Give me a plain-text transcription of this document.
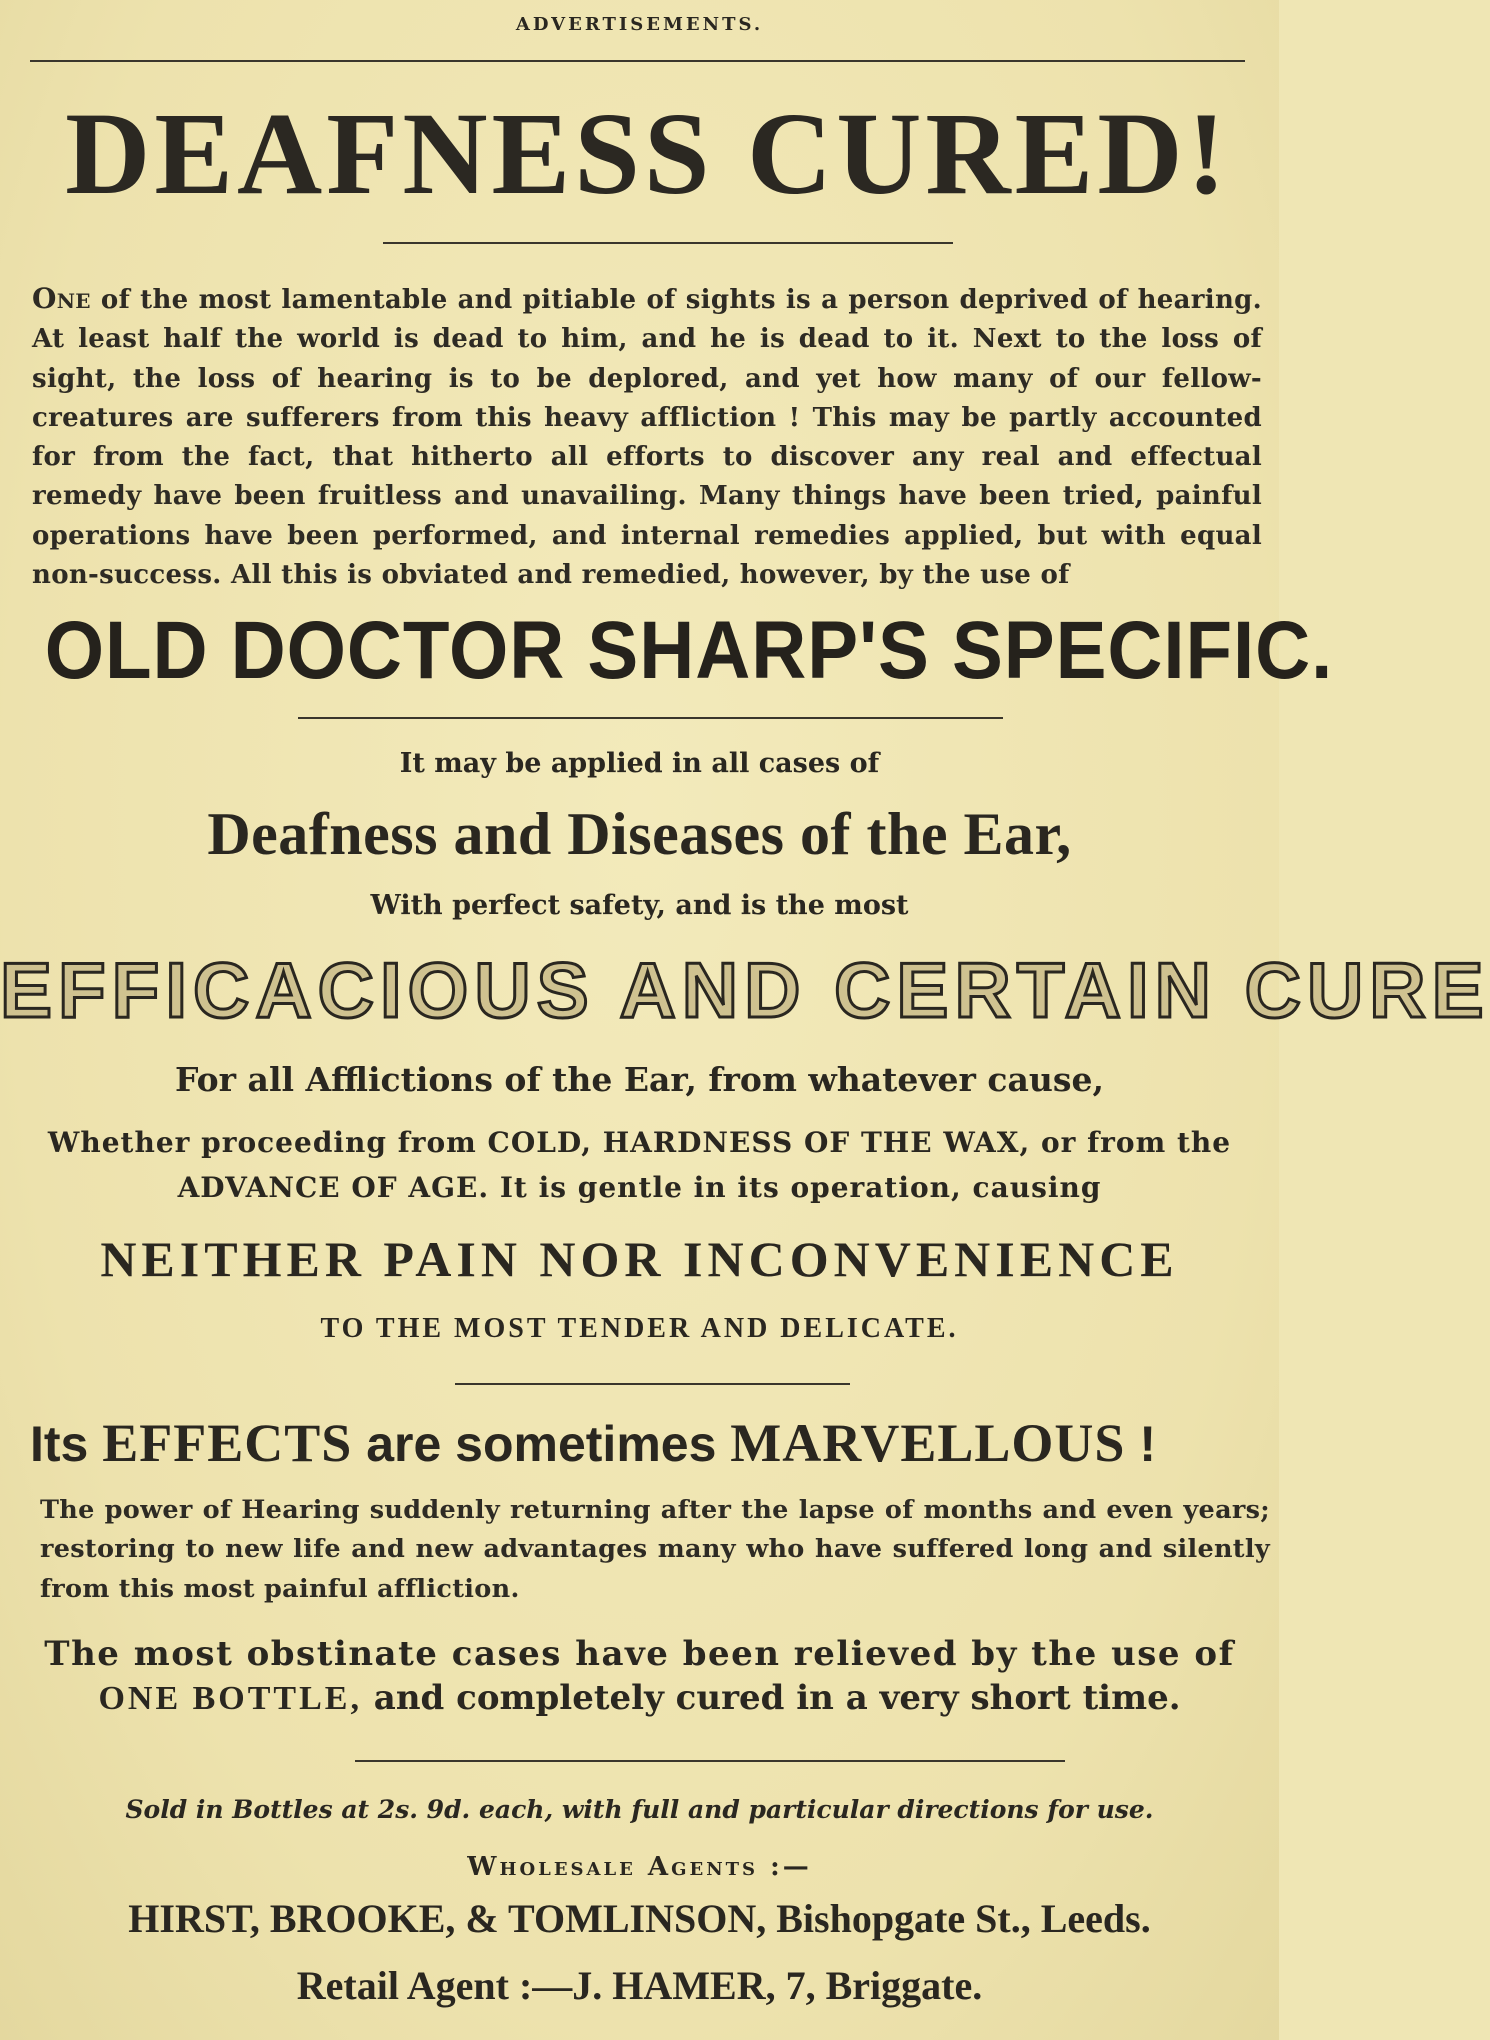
ADVERTISEMENTS.
DEAFNESS CURED!
One of the most lamentable and pitiable of sights is a person deprived of hearing. At least half the world is dead to him, and he is dead to it. Next to the loss of sight, the loss of hearing is to be deplored, and yet how many of our fellow-creatures are sufferers from this heavy affliction ! This may be partly accounted for from the fact, that hitherto all efforts to discover any real and effectual remedy have been fruitless and unavailing. Many things have been tried, painful operations have been performed, and internal remedies applied, but with equal non-success. All this is obviated and remedied, however, by the use of
OLD DOCTOR SHARP'S SPECIFIC.
It may be applied in all cases of
Deafness and Diseases of the Ear,
With perfect safety, and is the most
EFFICACIOUS AND CERTAIN CURE
For all Afflictions of the Ear, from whatever cause,
Whether proceeding from COLD, HARDNESS OF THE WAX, or from the
ADVANCE OF AGE. It is gentle in its operation, causing
NEITHER PAIN NOR INCONVENIENCE
TO THE MOST TENDER AND DELICATE.
Its EFFECTS are sometimes MARVELLOUS !
The power of Hearing suddenly returning after the lapse of months and even years; restoring to new life and new advantages many who have suffered long and silently from this most painful affliction.
The most obstinate cases have been relieved by the use of
ONE BOTTLE, and completely cured in a very short time.
Sold in Bottles at 2s. 9d. each, with full and particular directions for use.
Wholesale Agents :—
HIRST, BROOKE, & TOMLINSON, Bishopgate St., Leeds.
Retail Agent :—J. HAMER, 7, Briggate.
